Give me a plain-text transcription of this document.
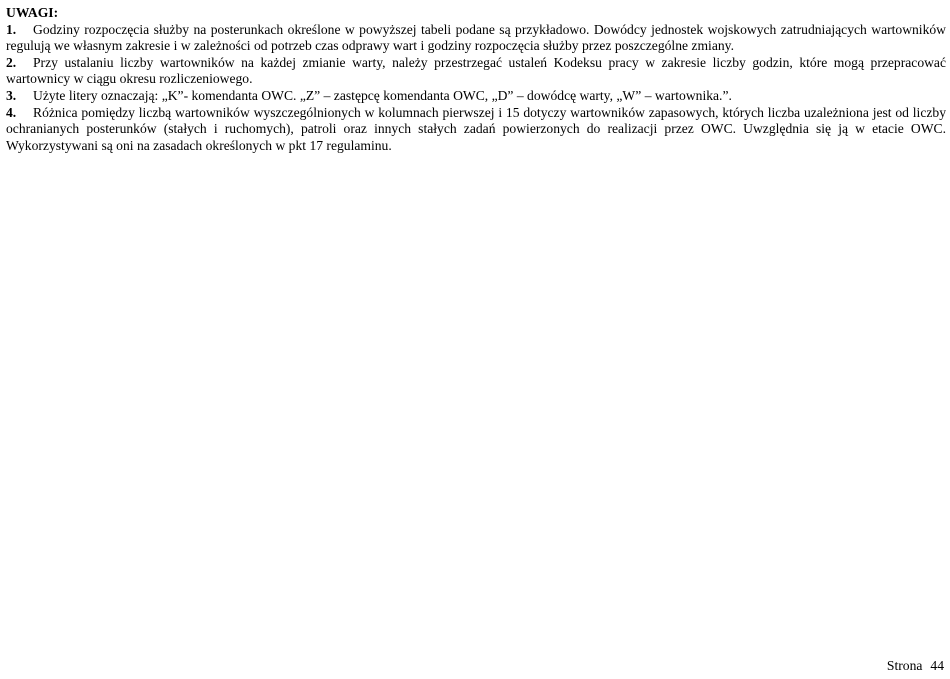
UWAGI:

1. Godziny rozpoczęcia służby na posterunkach określone w powyższej tabeli podane są przykładowo. Dowódcy jednostek wojskowych zatrudniających wartowników regulują we własnym zakresie i w zależności od potrzeb czas odprawy wart i godziny rozpoczęcia służby przez poszczególne zmiany.

2. Przy ustalaniu liczby wartowników na każdej zmianie warty, należy przestrzegać ustaleń Kodeksu pracy w zakresie liczby godzin, które mogą przepracować wartownicy w ciągu okresu rozliczeniowego.

3. Użyte litery oznaczają: „K”- komendanta OWC. „Z” – zastępcę komendanta OWC, „D” – dowódcę warty, „W” – wartownika.”.

4. Różnica pomiędzy liczbą wartowników wyszczególnionych w kolumnach pierwszej i 15 dotyczy wartowników zapasowych, których liczba uzależniona jest od liczby ochranianych posterunków (stałych i ruchomych), patroli oraz innych stałych zadań powierzonych do realizacji przez OWC. Uwzględnia się ją w etacie OWC. Wykorzystywani są oni na zasadach określonych w pkt 17 regulaminu.

Strona 44
